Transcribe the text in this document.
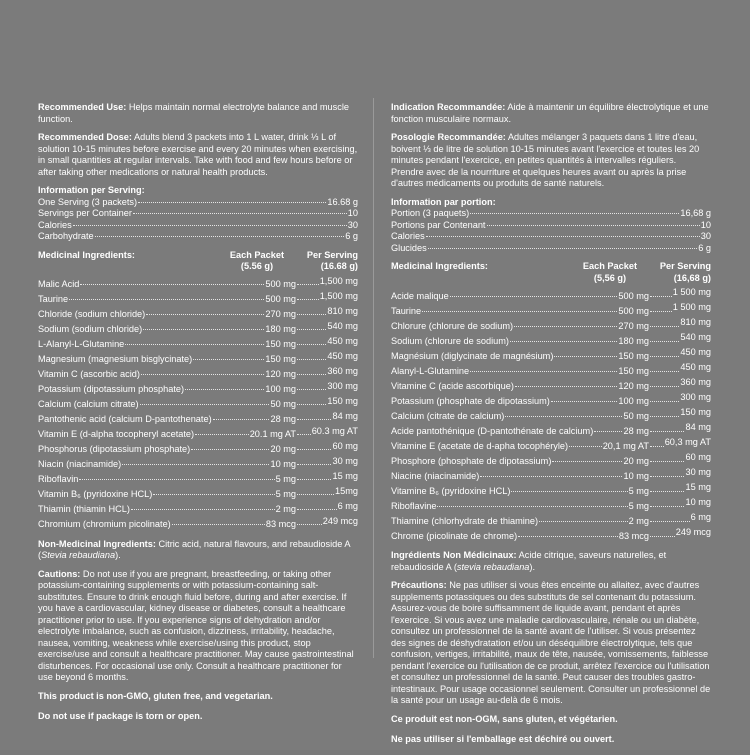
Recommended Use: Helps maintain normal electrolyte balance and muscle function.

Recommended Dose: Adults blend 3 packets into 1 L water, drink ⅓ L of solution 10-15 minutes before exercise and every 20 minutes when exercising, in small quantities at regular intervals. Take with food and few hours before or after taking other medications or natural health products.

Information per Serving:
One Serving (3 packets)	16.68 g
Servings per Container	10
Calories	30
Carbohydrate	6 g
Medicinal Ingredients:	Each Packet	Per Serving
(5.56 g)	(16.68 g)
Malic Acid	500 mg	1,500 mg
Taurine	500 mg	1,500 mg
Chloride (sodium chloride)	270 mg	810 mg
Sodium (sodium chloride)	180 mg	540 mg
L-Alanyl-L-Glutamine	150 mg	450 mg
Magnesium (magnesium bisglycinate)	150 mg	450 mg
Vitamin C (ascorbic acid)	120 mg	360 mg
Potassium (dipotassium phosphate)	100 mg	300 mg
Calcium (calcium citrate)	50 mg	150 mg
Pantothenic acid (calcium D-pantothenate)	28 mg	84 mg
Vitamin E (d-alpha tocopheryl acetate)	20.1 mg AT 60.3 mg AT
Phosphorus (dipotassium phosphate)	20 mg	60 mg
Niacin (niacinamide)	10 mg	30 mg
Riboflavin	5 mg	15 mg
Vitamin B₆ (pyridoxine HCL)	5 mg	15mg
Thiamin (thiamin HCL)	2 mg	6 mg
Chromium (chromium picolinate)	83 mcg	249 mcg

Non-Medicinal Ingredients: Citric acid, natural flavours, and rebaudioside A (Stevia rebaudiana).

Cautions: Do not use if you are pregnant, breastfeeding, or taking other potassium-containing supplements or with potassium-containing salt-substitutes. Ensure to drink enough fluid before, during and after exercise. If you have a cardiovascular, kidney disease or diabetes, consult a healthcare practitioner prior to use. If you experience signs of dehydration and/or electrolyte imbalance, such as confusion, dizziness, irritability, headache, nausea, vomiting, weakness while exercise/using this product, stop exercise/use and consult a healthcare practitioner. May cause gastrointestinal disturbences. For occasional use only. Consult a healthcare practitioner for use beyond 6 months.

This product is non-GMO, gluten free, and vegetarian.
Do not use if package is torn or open.

Indication Recommandée: Aide à maintenir un équilibre électrolytique et une fonction musculaire normaux.

Posologie Recommandée: Adultes mélanger 3 paquets dans 1 litre d'eau, boivent ⅓ de litre de solution 10-15 minutes avant l'exercice et toutes les 20 minutes pendant l'exercice, en petites quantités à intervalles réguliers. Prendre avec de la nourriture et quelques heures avant ou après la prise d'autres médicaments ou produits de santé naturels.

Information par portion:
Portion (3 paquets)	16,68 g
Portions par Contenant	10
Calories	30
Glucides	6 g
Medicinal Ingredients:	Each Packet	Per Serving
(5,56 g)	(16,68 g)
Acide malique	500 mg	1 500 mg
Taurine	500 mg	1 500 mg
Chlorure (chlorure de sodium)	270 mg	810 mg
Sodium (chlorure de sodium)	180 mg	540 mg
Magnésium (diglycinate de magnésium)	150 mg	450 mg
Alanyl-L-Glutamine	150 mg	450 mg
Vitamine C (acide ascorbique)	120 mg	360 mg
Potassium (phosphate de dipotassium)	100 mg	300 mg
Calcium (citrate de calcium)	50 mg	150 mg
Acide pantothénique (D-pantothénate de calcium)	28 mg	84 mg
Vitamine E (acetate de d-apha tocophéryle)	20,1 mg AT 60,3 mg AT
Phosphore (phosphate de dipotassium)	20 mg	60 mg
Niacine (niacinamide)	10 mg	30 mg
Vitamine B₆ (pyridoxine HCL)	5 mg	15 mg
Riboflavine	5 mg	10 mg
Thiamine (chlorhydrate de thiamine)	2 mg	6 mg
Chrome (picolinate de chrome)	83 mcg	249 mcg

Ingrédients Non Médicinaux: Acide citrique, saveurs naturelles, et rebaudioside A (stevia rebaudiana).

Précautions: Ne pas utiliser si vous êtes enceinte ou allaitez, avec d'autres supplements potassiques ou des substituts de sel contenant du potassium. Assurez-vous de boire suffisamment de liquide avant, pendant et après l'exercice. Si vous avez une maladie cardiovasculaire, rénale ou un diabète, consultez un professionnel de la santé avant de l'utiliser. Si vous présentez des signes de déshydratation et/ou un déséquilibre électrolytique, tels que confusion, vertiges, irritabilité, maux de tête, nausée, vomissements, faiblesse pendant l'exercice ou l'utilisation de ce produit, arrêtez l'exercice ou l'utilisation et consultez un professionnel de la santé. Peut causer des troubles gastro-intestinaux. Pour usage occasionnel seulement. Consulter un professionnel de la santé pour un usage au-delà de 6 mois.

Ce produit est non-OGM, sans gluten, et végétarien.
Ne pas utiliser si l'emballage est déchiré ou ouvert.
